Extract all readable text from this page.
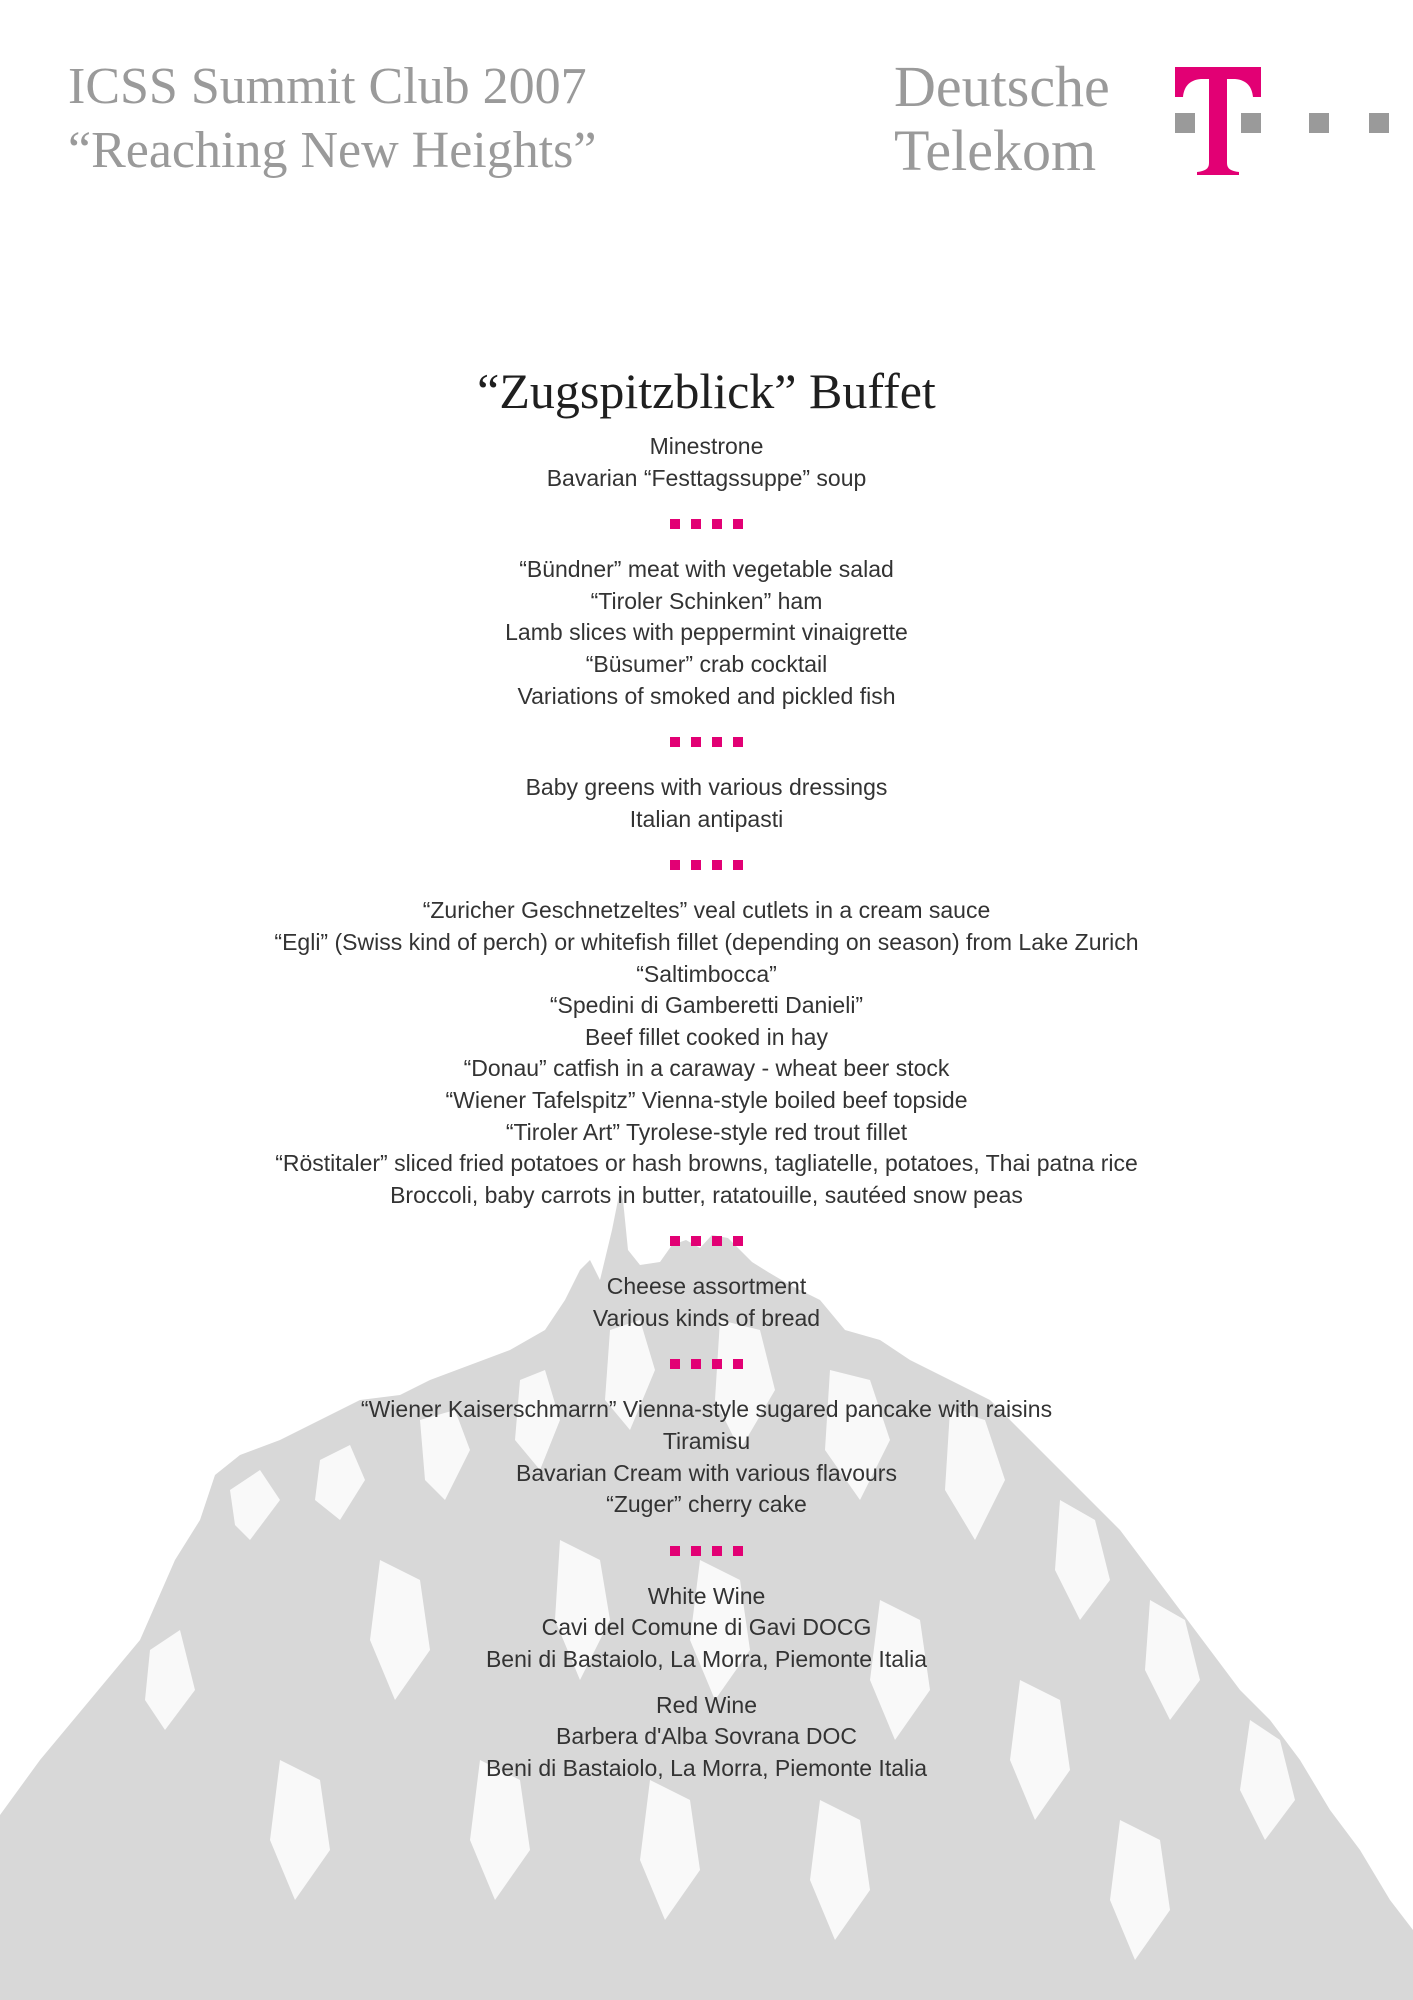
ICSS Summit Club 2007
“Reaching New Heights”
Deutsche
Telekom
“Zugspitzblick” Buffet
Minestrone
Bavarian “Festtagssuppe” soup
“Bündner” meat with vegetable salad
“Tiroler Schinken” ham
Lamb slices with peppermint vinaigrette
“Büsumer” crab cocktail
Variations of smoked and pickled fish
Baby greens with various dressings
Italian antipasti
“Zuricher Geschnetzeltes” veal cutlets in a cream sauce
“Egli” (Swiss kind of perch) or whitefish fillet (depending on season) from Lake Zurich
“Saltimbocca”
“Spedini di Gamberetti Danieli”
Beef fillet cooked in hay
“Donau” catfish in a caraway - wheat beer stock
“Wiener Tafelspitz” Vienna-style boiled beef topside
“Tiroler Art” Tyrolese-style red trout fillet
“Röstitaler” sliced fried potatoes or hash browns, tagliatelle, potatoes, Thai patna rice
Broccoli, baby carrots in butter, ratatouille, sautéed snow peas
Cheese assortment
Various kinds of bread
“Wiener Kaiserschmarrn” Vienna-style sugared pancake with raisins
Tiramisu
Bavarian Cream with various flavours
“Zuger” cherry cake
White Wine
Cavi del Comune di Gavi DOCG
Beni di Bastaiolo, La Morra, Piemonte Italia
Red Wine
Barbera d'Alba Sovrana DOC
Beni di Bastaiolo, La Morra, Piemonte Italia
